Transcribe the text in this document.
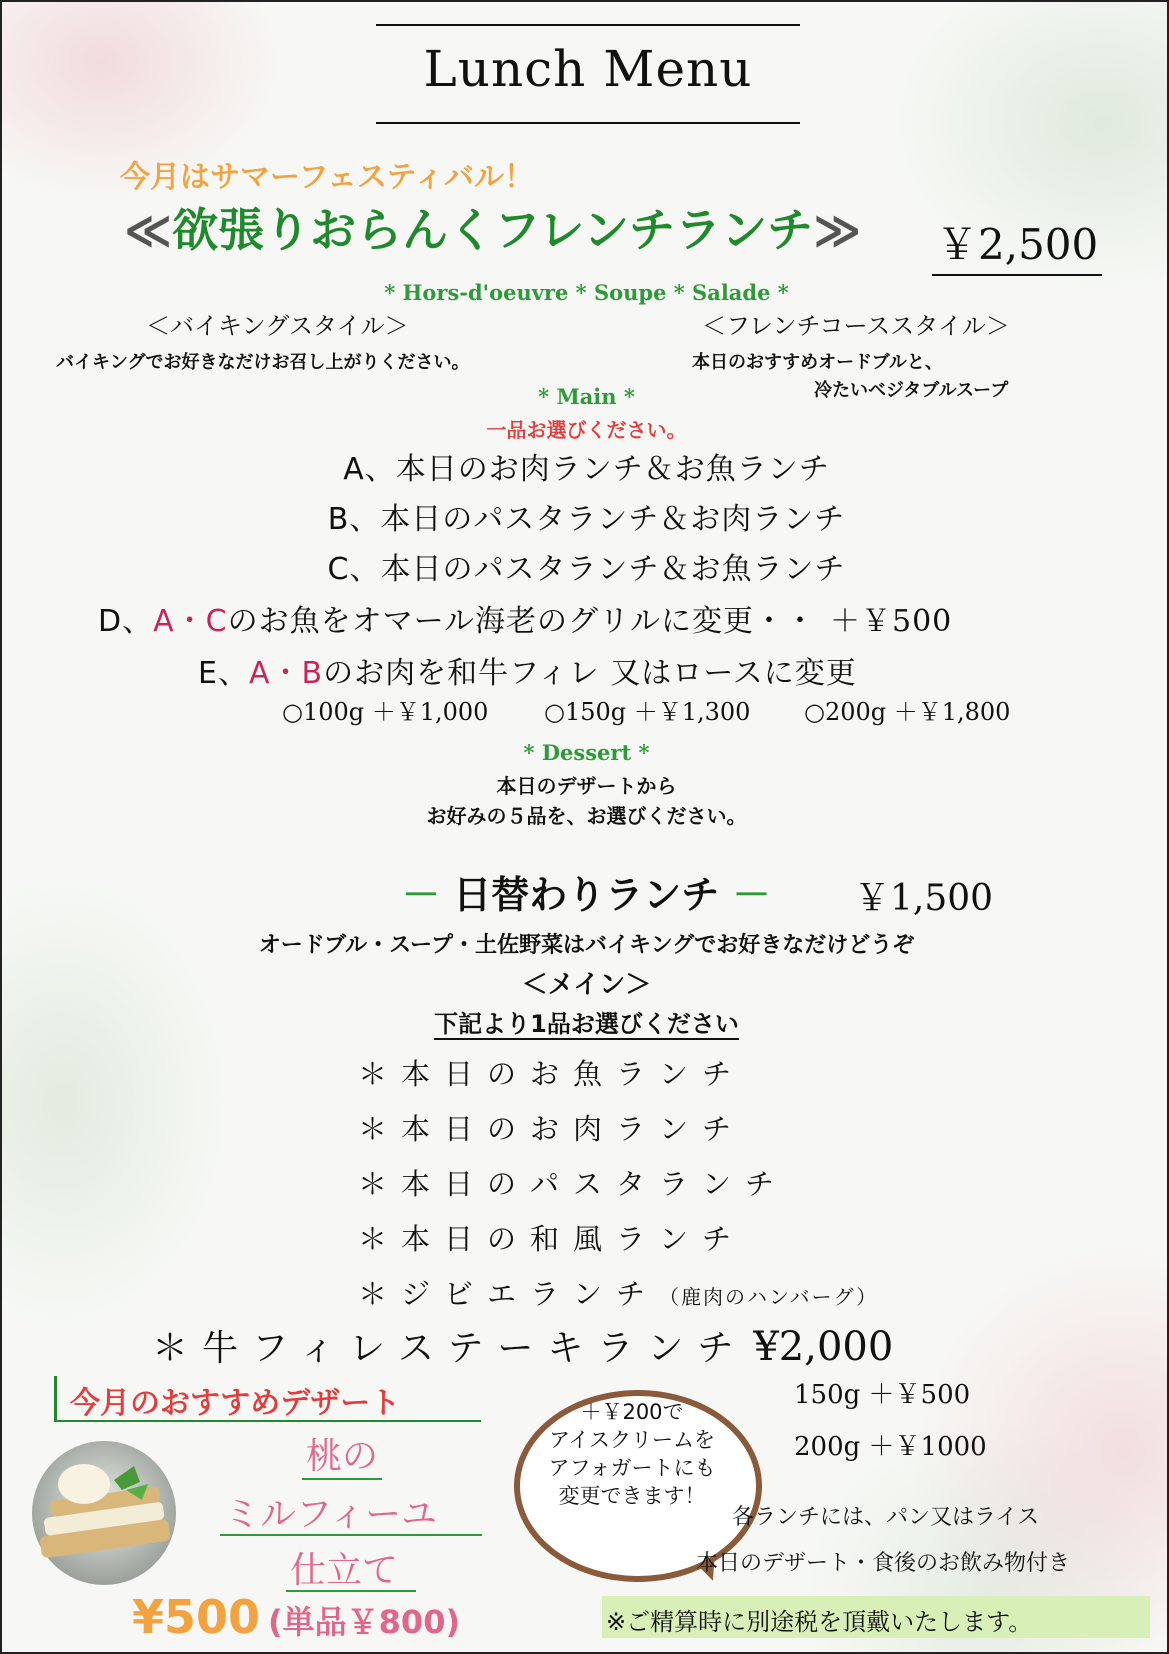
Lunch Menu
今月はサマーフェスティバル！
≪欲張りおらんくフレンチランチ≫ ￥2,500
* Hors-d'oeuvre * Soupe * Salade *
＜バイキングスタイル＞
バイキングでお好きなだけお召し上がりください。
＜フレンチコーススタイル＞
本日のおすすめオードブルと、
冷たいベジタブルスープ
* Main *
一品お選びください。
A、本日のお肉ランチ＆お魚ランチ
B、本日のパスタランチ＆お肉ランチ
C、本日のパスタランチ＆お魚ランチ
D、A・Cのお魚をオマール海老のグリルに変更・・ ＋￥500
E、A・Bのお肉を和牛フィレ 又はロースに変更
○100g ＋￥1,000 ○150g ＋￥1,300 ○200g ＋￥1,800
* Dessert *
本日のデザートから
お好みの５品を、お選びください。
－ 日替わりランチ － ￥1,500
オードブル・スープ・土佐野菜はバイキングでお好きなだけどうぞ
＜メイン＞
下記より1品お選びください
＊本日のお魚ランチ
＊本日のお肉ランチ
＊本日のパスタランチ
＊本日の和風ランチ
＊ジビエランチ（鹿肉のハンバーグ）
＊牛フィレステーキランチ ¥2,000
150g ＋￥500
200g ＋￥1000
今月のおすすめデザート
桃の
ミルフィーユ
仕立て
¥500 (単品￥800)
＋￥200で
アイスクリームを
アフォガートにも
変更できます！
各ランチには、パン又はライス
本日のデザート・食後のお飲み物付き
※ご精算時に別途税を頂戴いたします。
